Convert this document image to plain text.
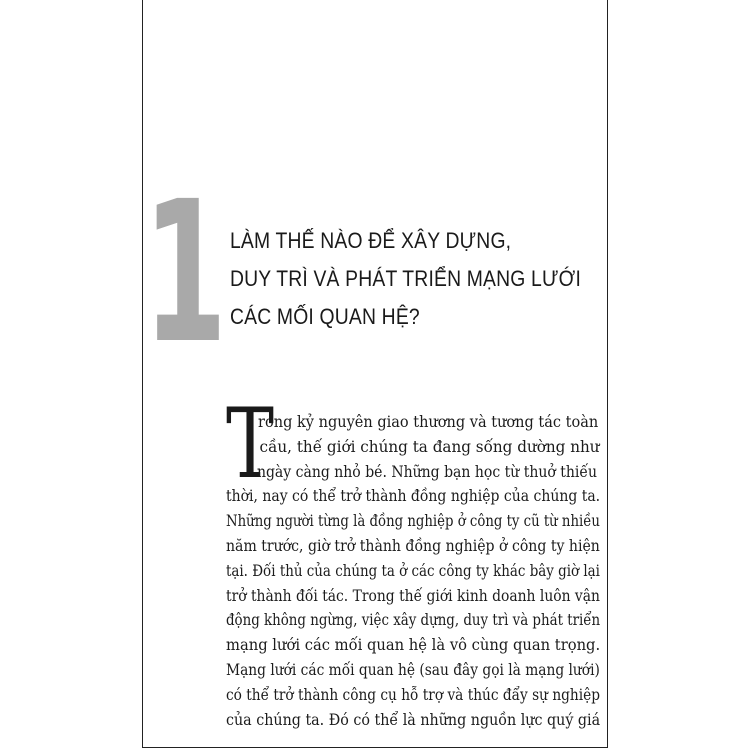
1 LÀM THẾ NÀO ĐỂ XÂY DỰNG,
DUY TRÌ VÀ PHÁT TRIỂN MẠNG LƯỚI
CÁC MỐI QUAN HỆ?
T
rong kỷ nguyên giao thương và tương tác toàn
cầu, thế giới chúng ta đang sống dường như
ngày càng nhỏ bé. Những bạn học từ thuở thiếu
thời, nay có thể trở thành đồng nghiệp của chúng ta.
Những người từng là đồng nghiệp ở công ty cũ từ nhiều
năm trước, giờ trở thành đồng nghiệp ở công ty hiện
tại. Đối thủ của chúng ta ở các công ty khác bây giờ lại
trở thành đối tác. Trong thế giới kinh doanh luôn vận
động không ngừng, việc xây dựng, duy trì và phát triển
mạng lưới các mối quan hệ là vô cùng quan trọng.
Mạng lưới các mối quan hệ (sau đây gọi là mạng lưới)
có thể trở thành công cụ hỗ trợ và thúc đẩy sự nghiệp
của chúng ta. Đó có thể là những nguồn lực quý giá
